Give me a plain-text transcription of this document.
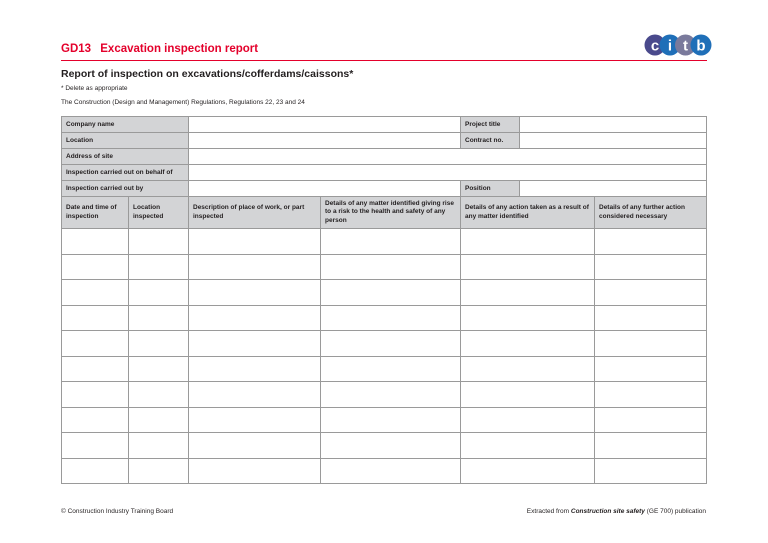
GD13 Excavation inspection report	c i t b
Report of inspection on excavations/cofferdams/caissons*
* Delete as appropriate
The Construction (Design and Management) Regulations, Regulations 22, 23 and 24
Company name				Project title		
Location				Contract no.		
Address of site						
Inspection carried out on behalf of						
Inspection carried out by				Position		
Date and time of inspection	Location inspected	Description of place of work, or part inspected	Details of any matter identified giving rise to a risk to the health and safety of any person	Details of any action taken as a result of any matter identified		Details of any further action considered necessary

© Construction Industry Training Board	Extracted from Construction site safety (GE 700) publication
